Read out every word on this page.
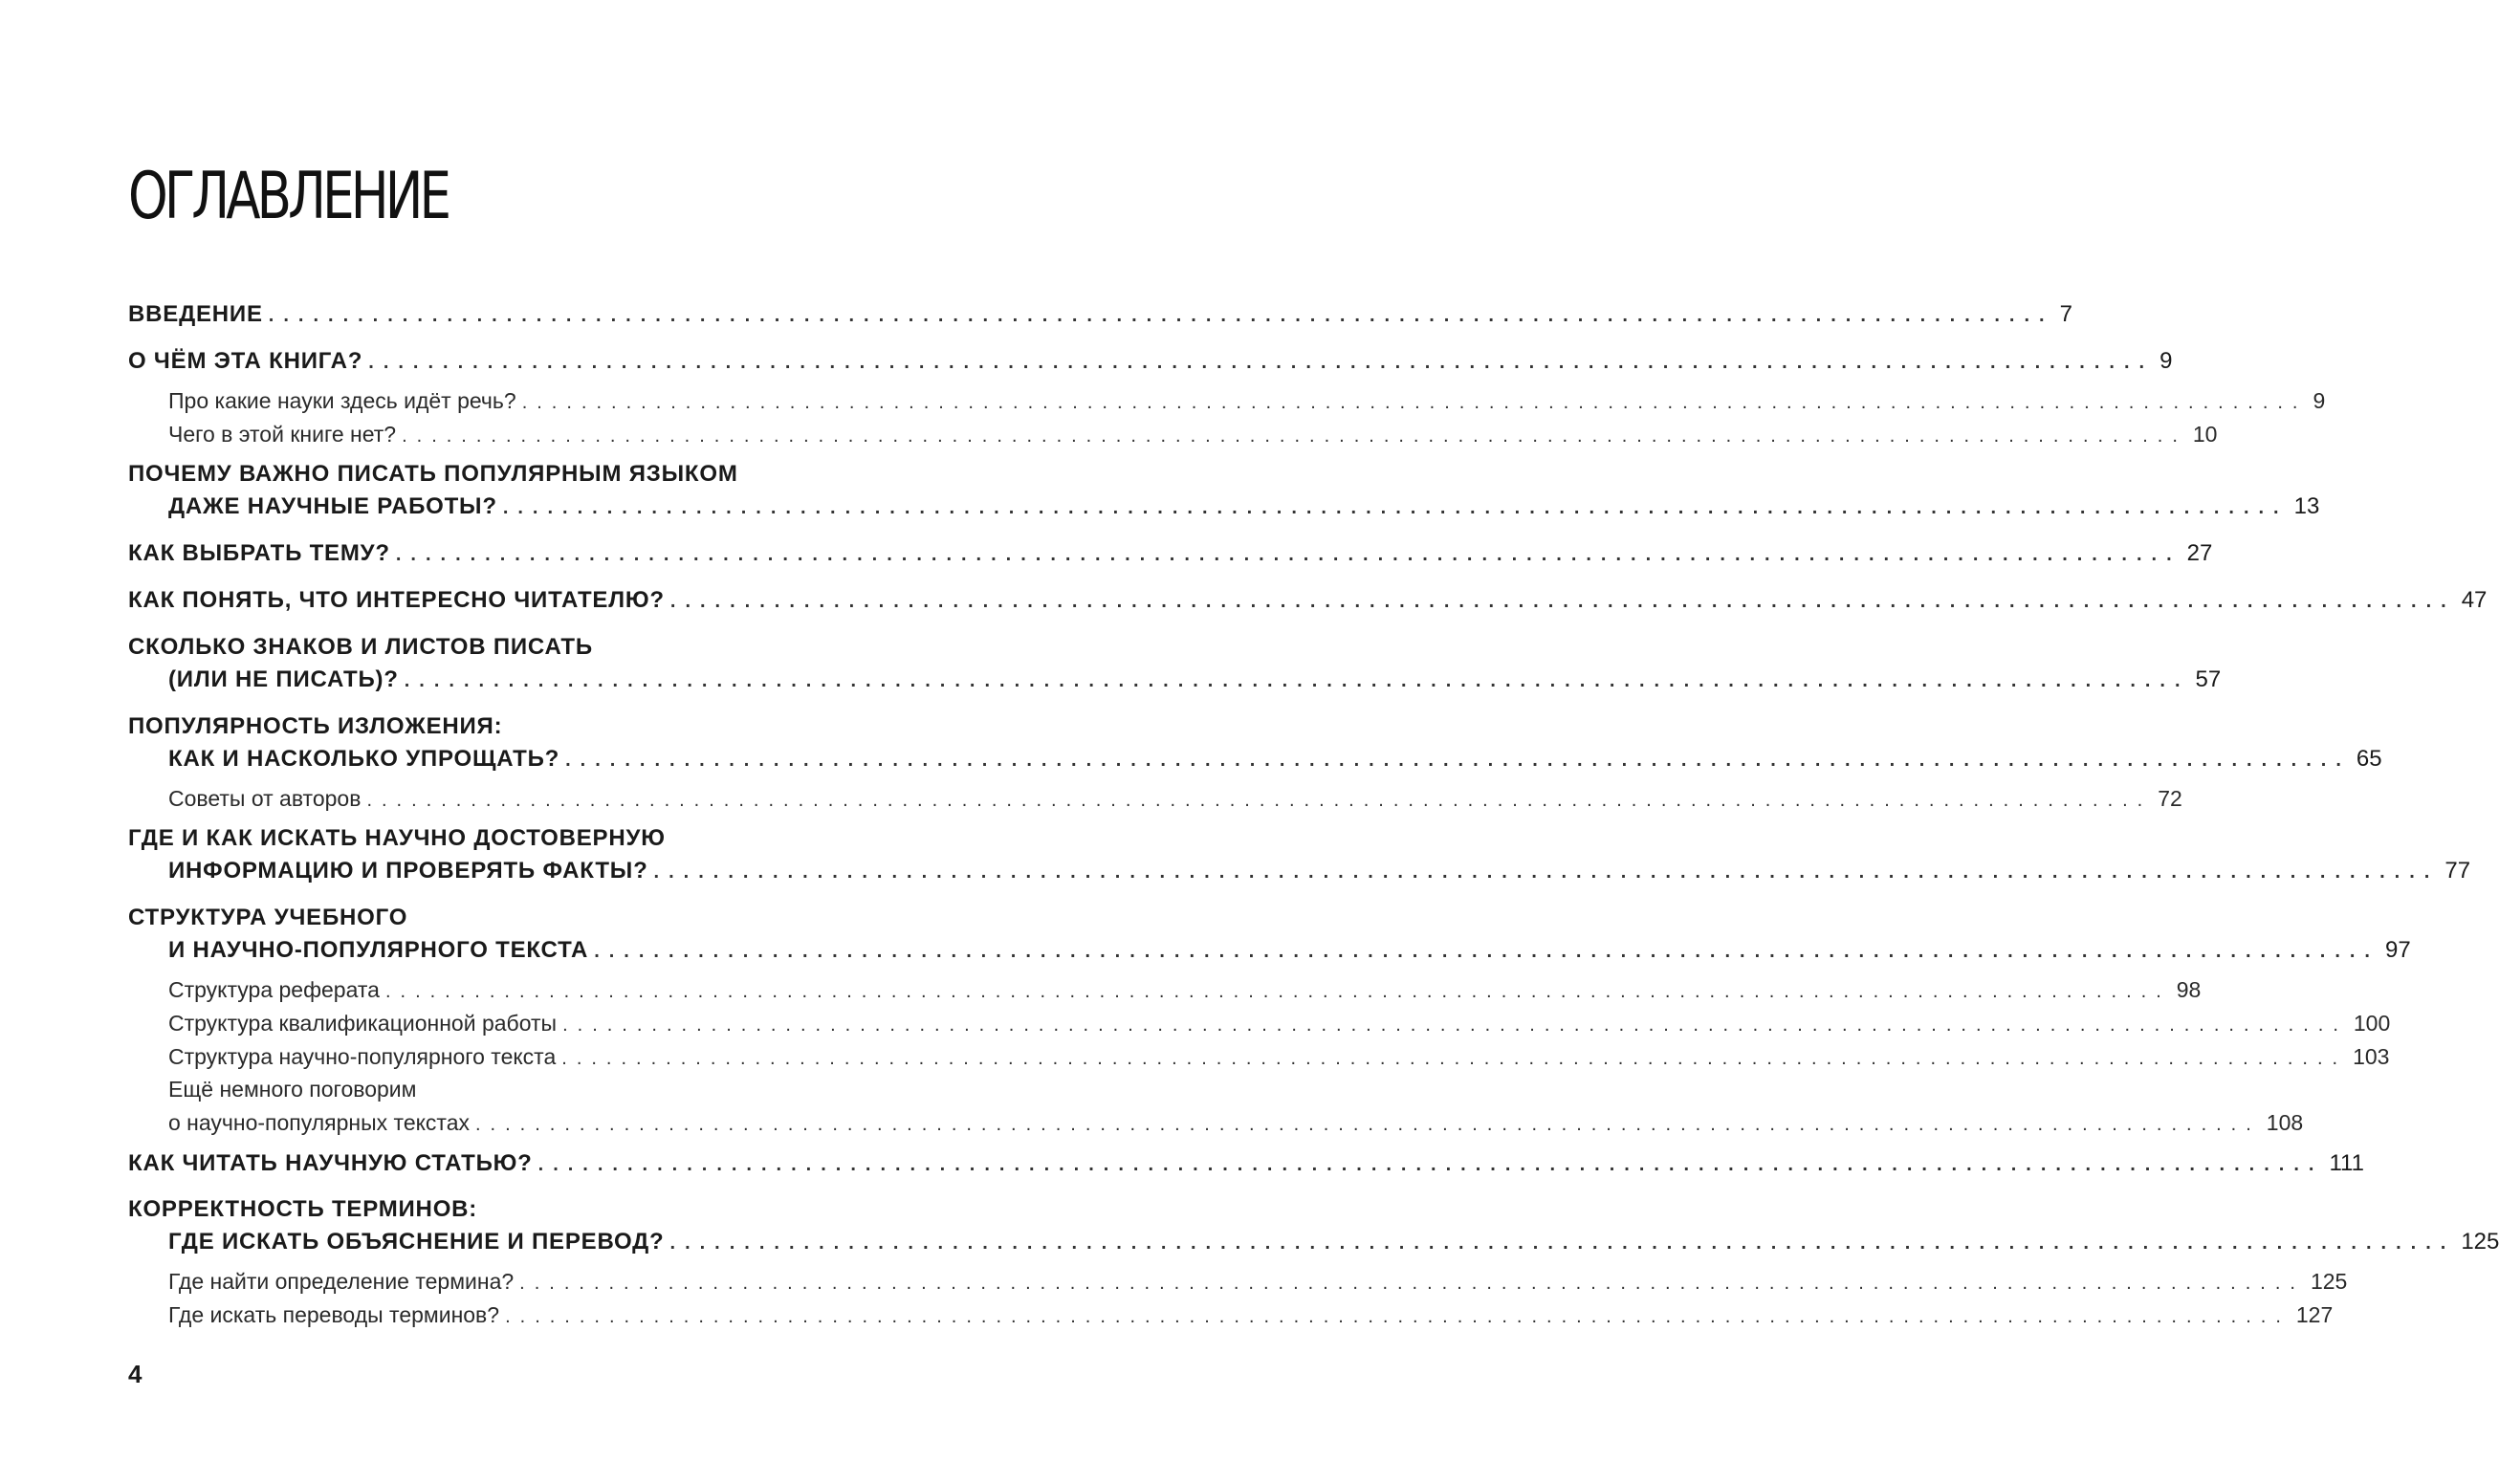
ОГЛАВЛЕНИЕ
ВВЕДЕНИЕ ........................................................................................................................ 7
О ЧЁМ ЭТА КНИГА? ........................................................................................................................ 9
Про какие науки здесь идёт речь? ........................................................................................................................ 9
Чего в этой книге нет? ........................................................................................................................ 10
ПОЧЕМУ ВАЖНО ПИСАТЬ ПОПУЛЯРНЫМ ЯЗЫКОМ
ДАЖЕ НАУЧНЫЕ РАБОТЫ? ........................................................................................................................ 13
КАК ВЫБРАТЬ ТЕМУ? ........................................................................................................................ 27
КАК ПОНЯТЬ, ЧТО ИНТЕРЕСНО ЧИТАТЕЛЮ? ........................................................................................................................ 47
СКОЛЬКО ЗНАКОВ И ЛИСТОВ ПИСАТЬ
(ИЛИ НЕ ПИСАТЬ)? ........................................................................................................................ 57
ПОПУЛЯРНОСТЬ ИЗЛОЖЕНИЯ:
КАК И НАСКОЛЬКО УПРОЩАТЬ? ........................................................................................................................ 65
Советы от авторов ........................................................................................................................ 72
ГДЕ И КАК ИСКАТЬ НАУЧНО ДОСТОВЕРНУЮ
ИНФОРМАЦИЮ И ПРОВЕРЯТЬ ФАКТЫ? ........................................................................................................................ 77
СТРУКТУРА УЧЕБНОГО
И НАУЧНО-ПОПУЛЯРНОГО ТЕКСТА ........................................................................................................................ 97
Структура реферата ........................................................................................................................ 98
Структура квалификационной работы ........................................................................................................................ 100
Структура научно-популярного текста ........................................................................................................................ 103
Ещё немного поговорим
о научно-популярных текстах ........................................................................................................................ 108
КАК ЧИТАТЬ НАУЧНУЮ СТАТЬЮ? ........................................................................................................................ 111
КОРРЕКТНОСТЬ ТЕРМИНОВ:
ГДЕ ИСКАТЬ ОБЪЯСНЕНИЕ И ПЕРЕВОД? ........................................................................................................................ 125
Где найти определение термина? ........................................................................................................................ 125
Где искать переводы терминов? ........................................................................................................................ 127
4
